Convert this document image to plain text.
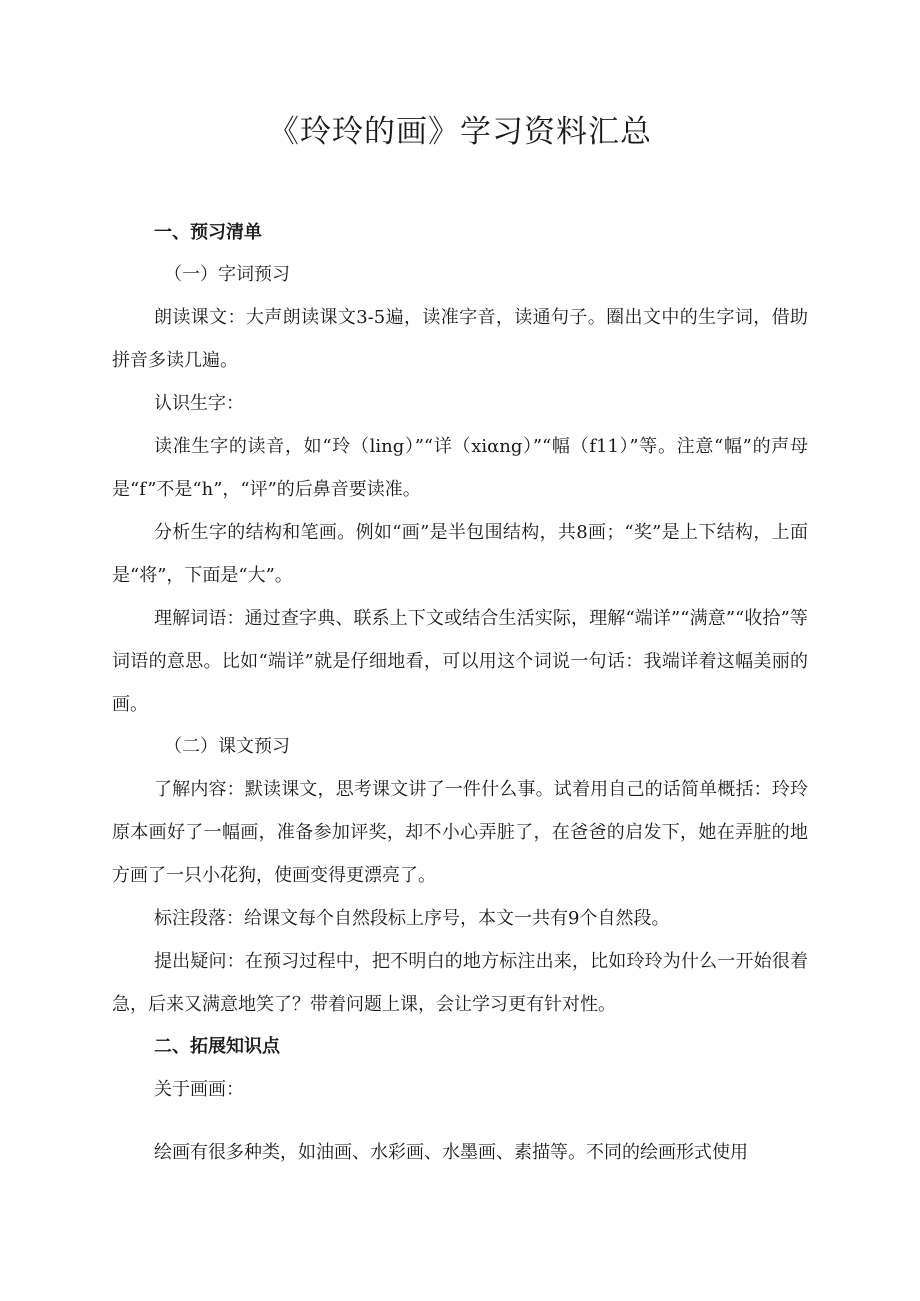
《玲玲的画》学习资料汇总
一、预习清单
（一）字词预习

朗读课文：大声朗读课文3-5遍，读准字音，读通句子。圈出文中的生字词，借助拼音多读几遍。

认识生字：

读准生字的读音，如“玲（ling）”“详（xiαng）”“幅（f11）”等。注意“幅”的声母是“f”不是“h”，“评”的后鼻音要读准。

分析生字的结构和笔画。例如“画”是半包围结构，共8画；“奖”是上下结构，上面是“将”，下面是“大”。

理解词语：通过查字典、联系上下文或结合生活实际，理解“端详”“满意”“收拾”等词语的意思。比如“端详”就是仔细地看，可以用这个词说一句话：我端详着这幅美丽的画。

（二）课文预习

了解内容：默读课文，思考课文讲了一件什么事。试着用自己的话简单概括：玲玲原本画好了一幅画，准备参加评奖，却不小心弄脏了，在爸爸的启发下，她在弄脏的地方画了一只小花狗，使画变得更漂亮了。

标注段落：给课文每个自然段标上序号，本文一共有9个自然段。

提出疑问：在预习过程中，把不明白的地方标注出来，比如玲玲为什么一开始很着急，后来又满意地笑了？带着问题上课，会让学习更有针对性。

二、拓展知识点

关于画画：

绘画有很多种类，如油画、水彩画、水墨画、素描等。不同的绘画形式使用
